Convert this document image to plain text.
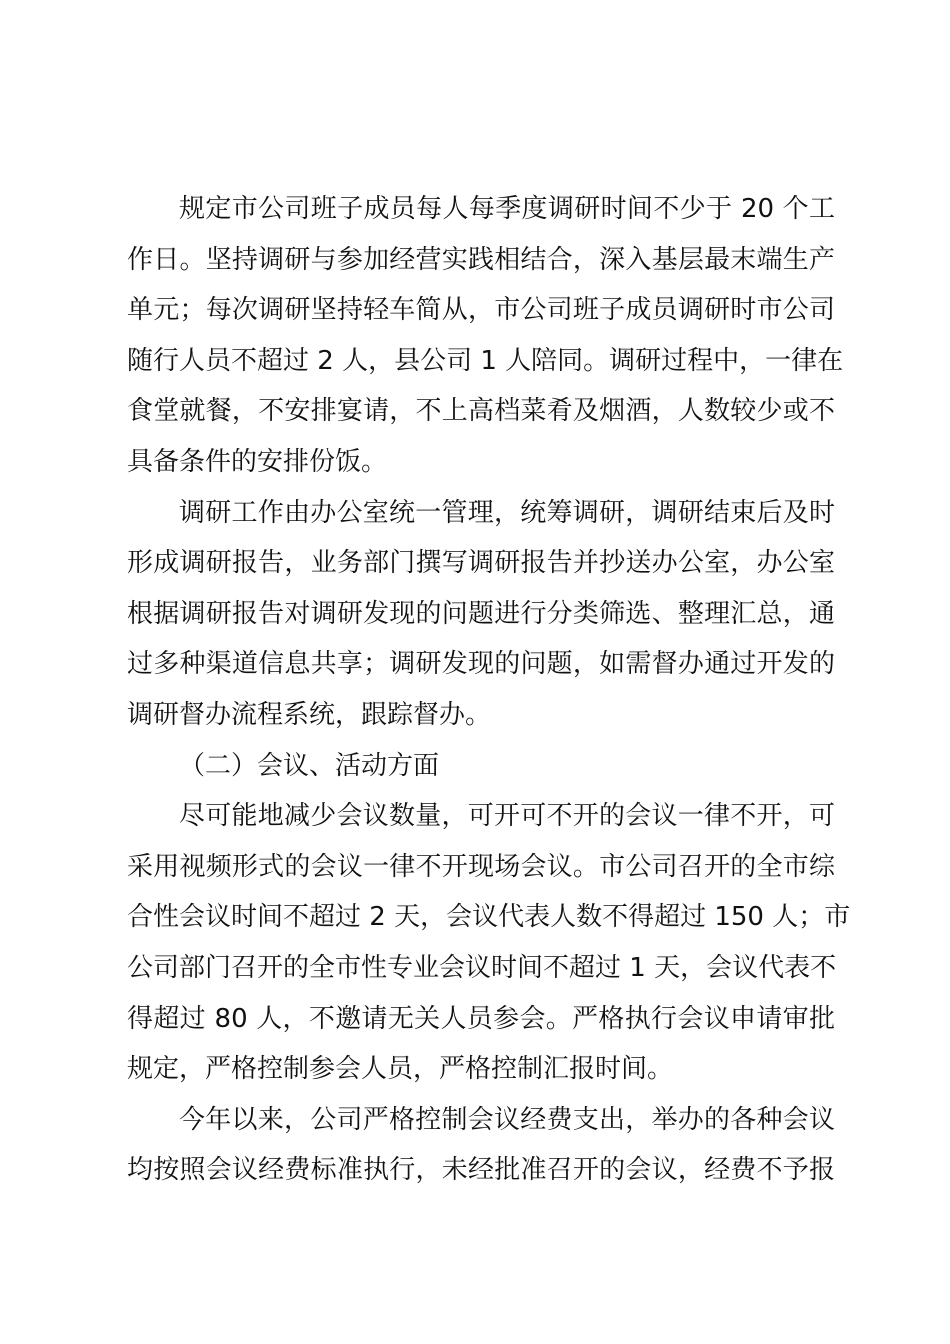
规定市公司班子成员每人每季度调研时间不少于 20 个工
作日。坚持调研与参加经营实践相结合，深入基层最末端生产
单元；每次调研坚持轻车简从，市公司班子成员调研时市公司
随行人员不超过 2 人，县公司 1 人陪同。调研过程中，一律在
食堂就餐，不安排宴请，不上高档菜肴及烟酒，人数较少或不
具备条件的安排份饭。
调研工作由办公室统一管理，统筹调研，调研结束后及时
形成调研报告，业务部门撰写调研报告并抄送办公室，办公室
根据调研报告对调研发现的问题进行分类筛选、整理汇总，通
过多种渠道信息共享；调研发现的问题，如需督办通过开发的
调研督办流程系统，跟踪督办。
（二）会议、活动方面
尽可能地减少会议数量，可开可不开的会议一律不开，可
采用视频形式的会议一律不开现场会议。市公司召开的全市综
合性会议时间不超过 2 天，会议代表人数不得超过 150 人；市
公司部门召开的全市性专业会议时间不超过 1 天，会议代表不
得超过 80 人，不邀请无关人员参会。严格执行会议申请审批
规定，严格控制参会人员，严格控制汇报时间。
今年以来，公司严格控制会议经费支出，举办的各种会议
均按照会议经费标准执行，未经批准召开的会议，经费不予报
